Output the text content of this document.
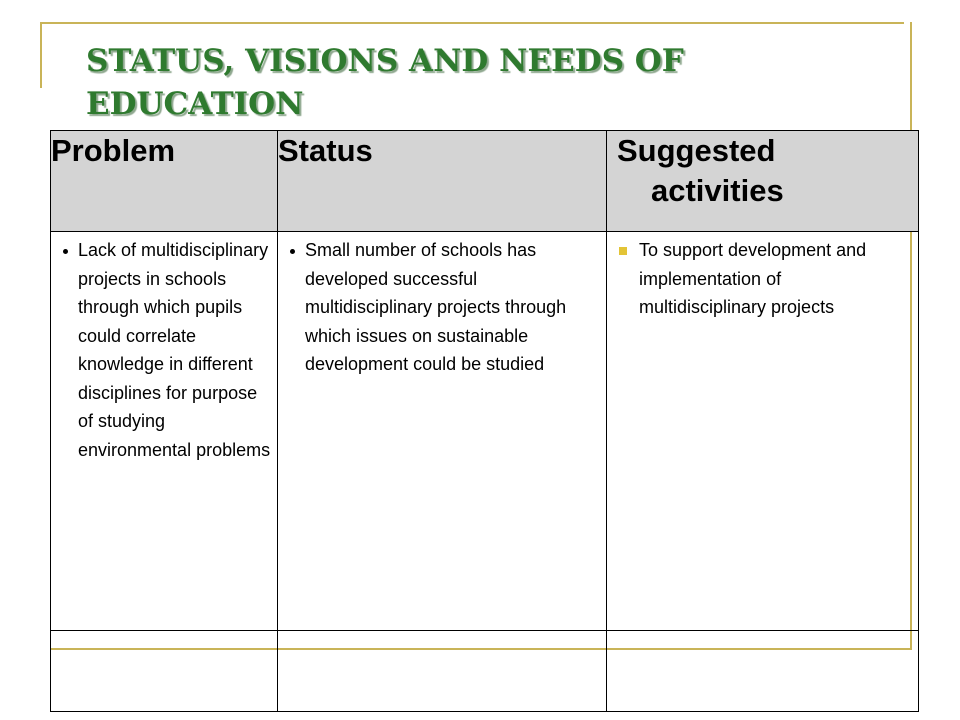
STATUS, VISIONS AND NEEDS OF EDUCATION
Problem	Status	Suggested
activities

Lack of multidisciplinary projects in schools through which pupils could correlate knowledge in different disciplines for purpose of studying environmental problems	Small number of schools has developed successful multidisciplinary projects through which issues on sustainable development could be studied	To support development and implementation of multidisciplinary projects
